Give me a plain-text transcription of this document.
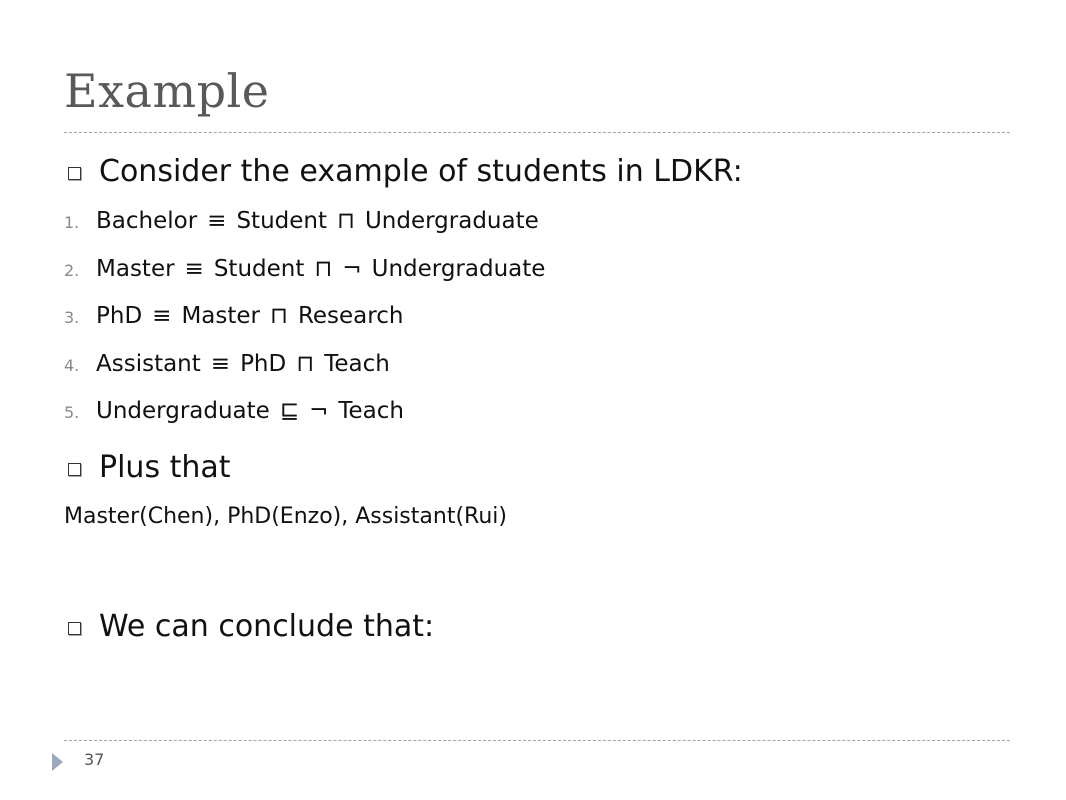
Example
Consider the example of students in LDKR:
1. Bachelor ≡ Student ⊓ Undergraduate
2. Master ≡ Student ⊓ ¬ Undergraduate
3. PhD ≡ Master ⊓ Research
4. Assistant ≡ PhD ⊓ Teach
5. Undergraduate ⊑ ¬ Teach
Plus that
Master(Chen), PhD(Enzo), Assistant(Rui)
We can conclude that:
37
